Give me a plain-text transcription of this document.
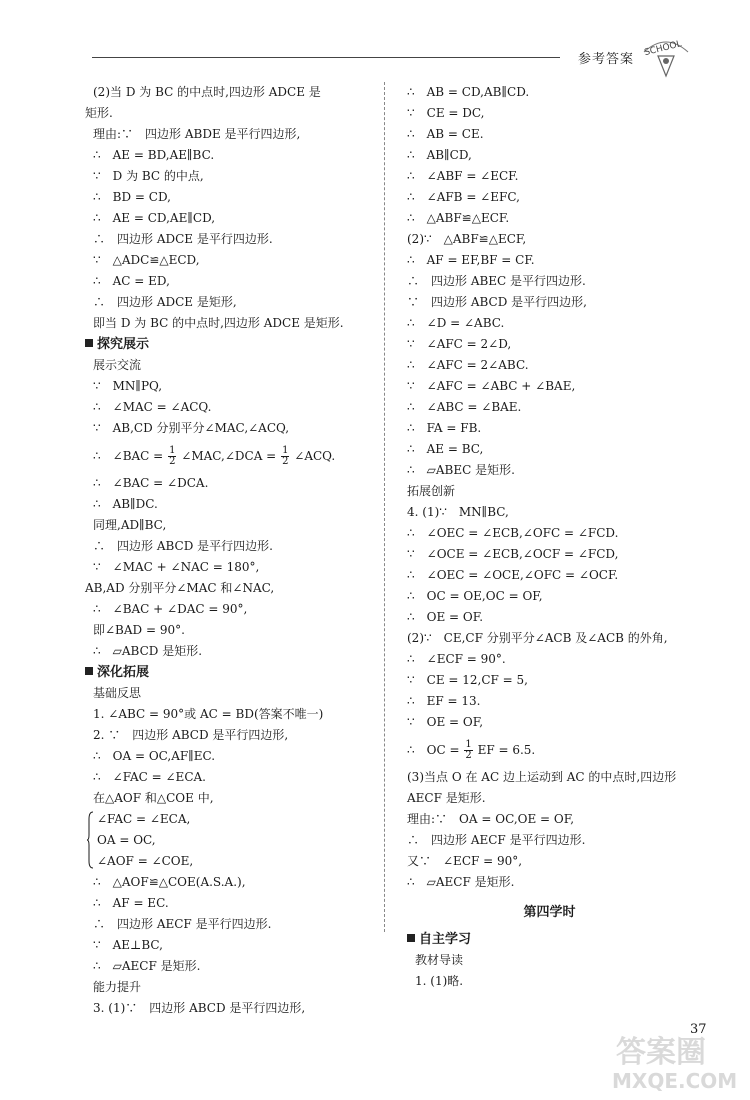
参考答案
SCHOOL
(2)当 D 为 BC 的中点时,四边形 ADCE 是
矩形.
理由:∵　四边形 ABDE 是平行四边形,
∴　AE = BD,AE∥BC.
∵　D 为 BC 的中点,
∴　BD = CD,
∴　AE = CD,AE∥CD,
∴　四边形 ADCE 是平行四边形.
∵　△ADC≌△ECD,
∴　AC = ED,
∴　四边形 ADCE 是矩形,
即当 D 为 BC 的中点时,四边形 ADCE 是矩形.
探究展示
展示交流
∵　MN∥PQ,
∴　∠MAC = ∠ACQ.
∵　AB,CD 分别平分∠MAC,∠ACQ,
∴　∠BAC = $\frac{1}{2}$ ∠MAC,∠DCA = $\frac{1}{2}$ ∠ACQ.
∴　∠BAC = ∠DCA.
∴　AB∥DC.
同理,AD∥BC,
∴　四边形 ABCD 是平行四边形.
∵　∠MAC + ∠NAC = 180°,
AB,AD 分别平分∠MAC 和∠NAC,
∴　∠BAC + ∠DAC = 90°,
即∠BAD = 90°.
∴　▱ABCD 是矩形.
深化拓展
基础反思
1. ∠ABC = 90°或 AC = BD(答案不唯一)
2. ∵　四边形 ABCD 是平行四边形,
∴　OA = OC,AF∥EC.
∴　∠FAC = ∠ECA.
在△AOF 和△COE 中,
∠FAC = ∠ECA,
OA = OC,
∠AOF = ∠COE,
∴　△AOF≌△COE(A.S.A.),
∴　AF = EC.
∴　四边形 AECF 是平行四边形.
∵　AE⊥BC,
∴　▱AECF 是矩形.
能力提升
3. (1)∵　四边形 ABCD 是平行四边形,
∴　AB = CD,AB∥CD.
∵　CE = DC,
∴　AB = CE.
∴　AB∥CD,
∴　∠ABF = ∠ECF.
∴　∠AFB = ∠EFC,
∴　△ABF≌△ECF.
(2)∵　△ABF≌△ECF,
∴　AF = EF,BF = CF.
∴　四边形 ABEC 是平行四边形.
∵　四边形 ABCD 是平行四边形,
∴　∠D = ∠ABC.
∵　∠AFC = 2∠D,
∴　∠AFC = 2∠ABC.
∵　∠AFC = ∠ABC + ∠BAE,
∴　∠ABC = ∠BAE.
∴　FA = FB.
∴　AE = BC,
∴　▱ABEC 是矩形.
拓展创新
4. (1)∵　MN∥BC,
∴　∠OEC = ∠ECB,∠OFC = ∠FCD.
∵　∠OCE = ∠ECB,∠OCF = ∠FCD,
∴　∠OEC = ∠OCE,∠OFC = ∠OCF.
∴　OC = OE,OC = OF,
∴　OE = OF.
(2)∵　CE,CF 分别平分∠ACB 及∠ACB 的外角,
∴　∠ECF = 90°.
∵　CE = 12,CF = 5,
∴　EF = 13.
∵　OE = OF,
∴　OC = $\frac{1}{2}$ EF = 6.5.
(3)当点 O 在 AC 边上运动到 AC 的中点时,四边形 AECF 是矩形.
理由:∵　OA = OC,OE = OF,
∴　四边形 AECF 是平行四边形.
又∵　∠ECF = 90°,
∴　▱AECF 是矩形.
第四学时
自主学习
教材导读
1. (1)略.
答案圈
MXQE.COM
37
